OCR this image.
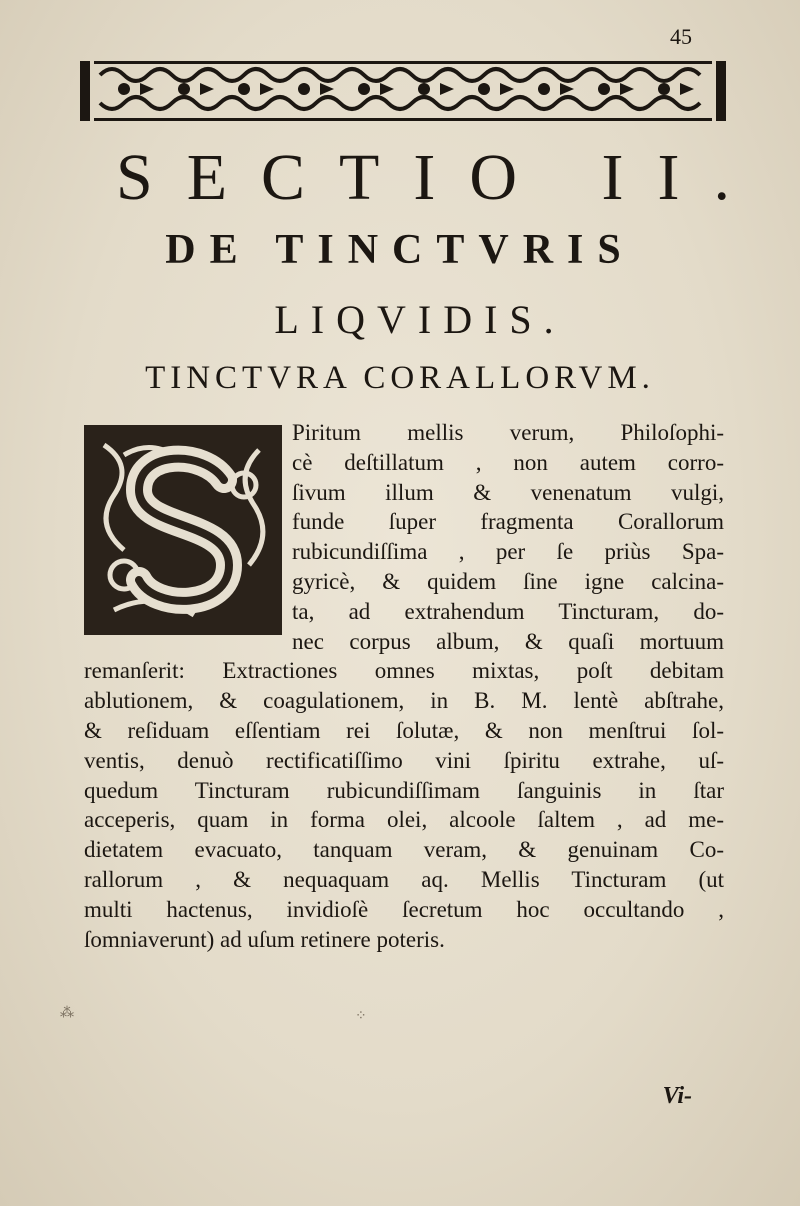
45
SECTIO II.
DE TINCTVRIS
LIQVIDIS.
TINCTVRA CORALLORVM.
Piritum mellis verum, Philoſophi-
cè deſtillatum , non autem corro-
ſivum illum & venenatum vulgi,
funde ſuper fragmenta Corallorum
rubicundiſſima , per ſe priùs Spa-
gyricè, & quidem ſine igne calcina-
ta, ad extrahendum Tincturam, do-
nec corpus album, & quaſi mortuum
remanſerit: Extractiones omnes mixtas, poſt debitam
ablutionem, & coagulationem, in B. M. lentè abſtrahe,
& reſiduam eſſentiam rei ſolutæ, & non menſtrui ſol-
ventis, denuò rectificatiſſimo vini ſpiritu extrahe, uſ-
quedum Tincturam rubicundiſſimam ſanguinis in ſtar
acceperis, quam in forma olei, alcoole ſaltem , ad me-
dietatem evacuato, tanquam veram, & genuinam Co-
rallorum , & nequaquam aq. Mellis Tincturam (ut
multi hactenus, invidioſè ſecretum hoc occultando ,
ſomniaverunt) ad uſum retinere poteris.
Vi-
⁂	⁘
